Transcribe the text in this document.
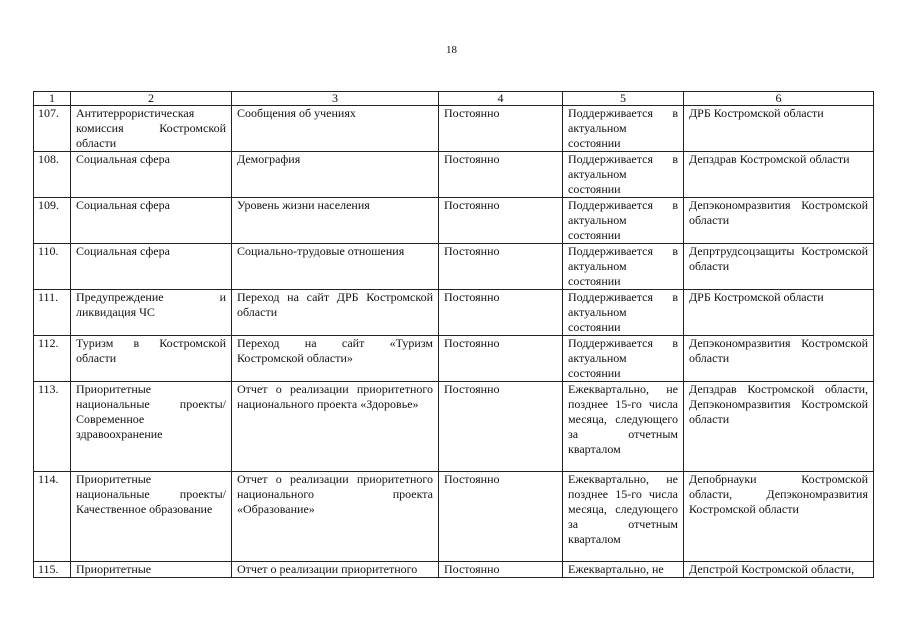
18
1	2	3	4	5	6
107.	Антитеррористическая комиссия Костромской области	Сообщения об учениях	Постоянно	Поддерживается в актуальном состоянии	ДРБ Костромской области
108.	Социальная сфера	Демография	Постоянно	Поддерживается в актуальном состоянии	Депздрав Костромской области
109.	Социальная сфера	Уровень жизни населения	Постоянно	Поддерживается в актуальном состоянии	Депэкономразвития Костромской области
110.	Социальная сфера	Социально-трудовые отношения	Постоянно	Поддерживается в актуальном состоянии	Депртрудсоцзащиты Костромской области
111.	Предупреждение и ликвидация ЧС	Переход на сайт ДРБ Костромской области	Постоянно	Поддерживается в актуальном состоянии	ДРБ Костромской области
112.	Туризм в Костромской области	Переход на сайт «Туризм Костромской области»	Постоянно	Поддерживается в актуальном состоянии	Депэкономразвития Костромской области
113.	Приоритетные национальные проекты/Современное здравоохранение	Отчет о реализации приоритетного национального проекта «Здоровье»	Постоянно	Ежеквартально, не позднее 15-го числа месяца, следующего за отчетным кварталом	Депздрав Костромской области, Депэкономразвития Костромской области
114.	Приоритетные национальные проекты/Качественное образование	Отчет о реализации приоритетного национального проекта «Образование»	Постоянно	Ежеквартально, не позднее 15-го числа месяца, следующего за отчетным кварталом	Депобрнауки Костромской области, Депэкономразвития Костромской области
115.	Приоритетные	Отчет о реализации приоритетного	Постоянно	Ежеквартально, не	Депстрой Костромской области,
